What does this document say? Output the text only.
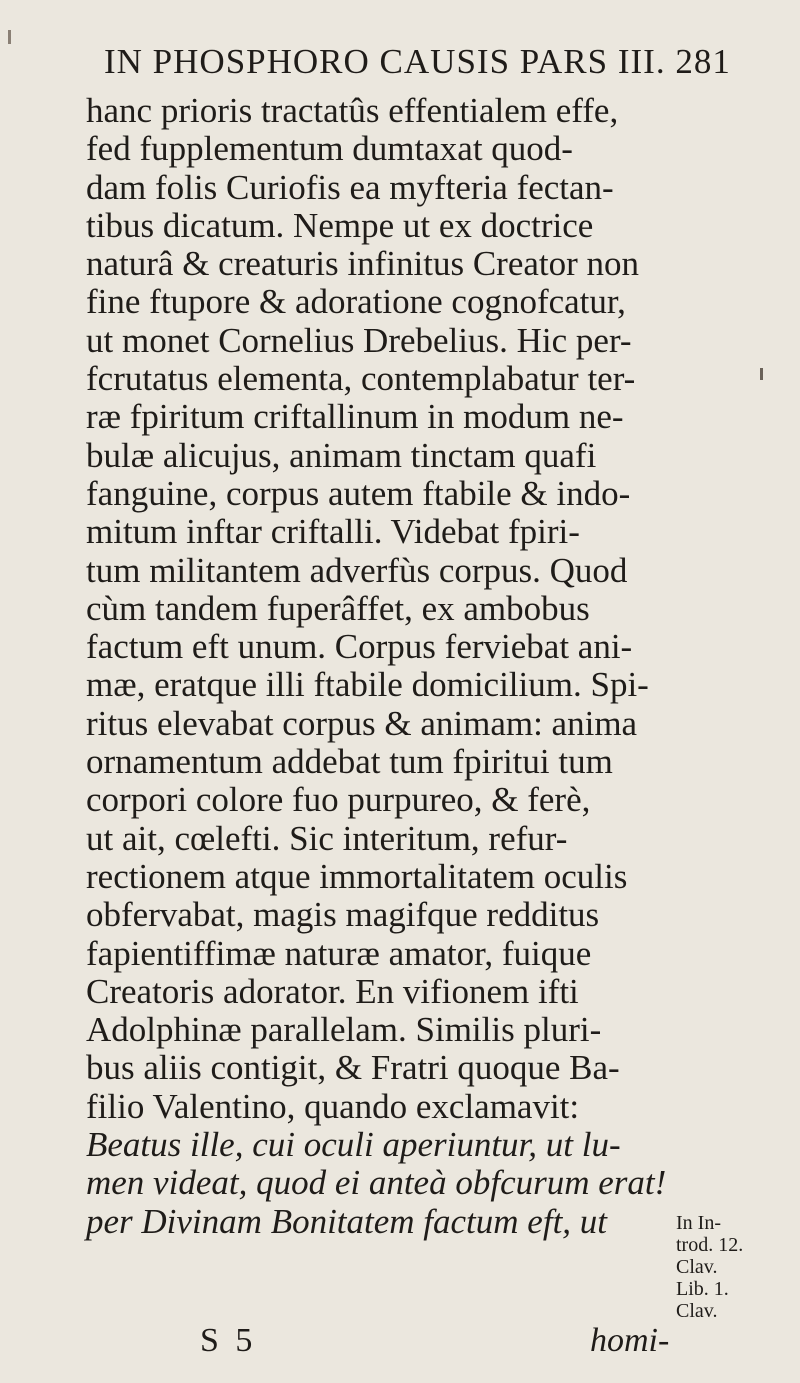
IN PHOSPHORO CAUSIS PARS III. 281
hanc prioris tractatûs effentialem effe,
fed fupplementum dumtaxat quod-
dam folis Curiofis ea myfteria fectan-
tibus dicatum. Nempe ut ex doctrice
naturâ & creaturis infinitus Creator non
fine ftupore & adoratione cognofcatur,
ut monet Cornelius Drebelius. Hic per-
fcrutatus elementa, contemplabatur ter-
ræ fpiritum criftallinum in modum ne-
bulæ alicujus, animam tinctam quafi
fanguine, corpus autem ftabile & indo-
mitum inftar criftalli. Videbat fpiri-
tum militantem adverfùs corpus. Quod
cùm tandem fuperâffet, ex ambobus
factum eft unum. Corpus ferviebat ani-
mæ, eratque illi ftabile domicilium. Spi-
ritus elevabat corpus & animam: anima
ornamentum addebat tum fpiritui tum
corpori colore fuo purpureo, & ferè,
ut ait, cœlefti. Sic interitum, refur-
rectionem atque immortalitatem oculis
obfervabat, magis magifque redditus
fapientiffimæ naturæ amator, fuique
Creatoris adorator. En vifionem ifti
Adolphinæ parallelam. Similis pluri-
bus aliis contigit, & Fratri quoque Ba-
filio Valentino, quando exclamavit:
Beatus ille, cui oculi aperiuntur, ut lu-
men videat, quod ei anteà obfcurum erat!
per Divinam Bonitatem factum eft, ut	In In-
trod. 12.
Clav.
Lib. 1.
Clav.
S 5	homi-
